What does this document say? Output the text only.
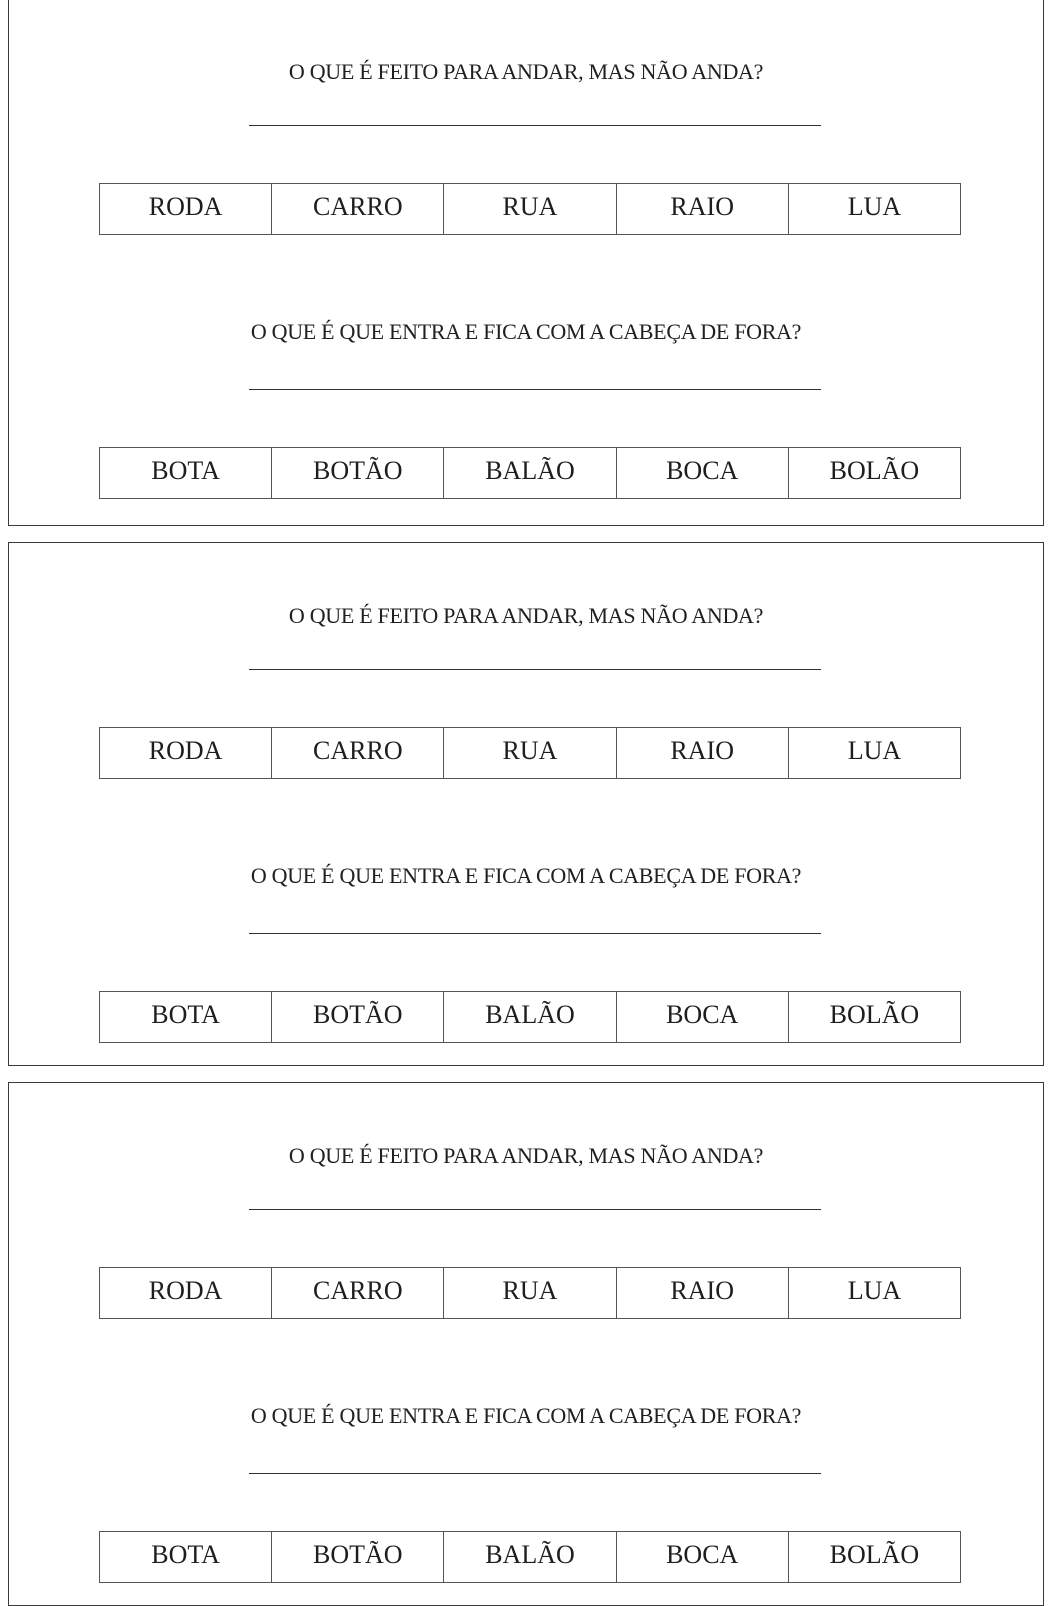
O QUE É FEITO PARA ANDAR, MAS NÃO ANDA?
RODA	CARRO	RUA	RAIO	LUA
O QUE É QUE ENTRA E FICA COM A CABEÇA DE FORA?
BOTA	BOTÃO	BALÃO	BOCA	BOLÃO
O QUE É FEITO PARA ANDAR, MAS NÃO ANDA?
RODA	CARRO	RUA	RAIO	LUA
O QUE É QUE ENTRA E FICA COM A CABEÇA DE FORA?
BOTA	BOTÃO	BALÃO	BOCA	BOLÃO
O QUE É FEITO PARA ANDAR, MAS NÃO ANDA?
RODA	CARRO	RUA	RAIO	LUA
O QUE É QUE ENTRA E FICA COM A CABEÇA DE FORA?
BOTA	BOTÃO	BALÃO	BOCA	BOLÃO
